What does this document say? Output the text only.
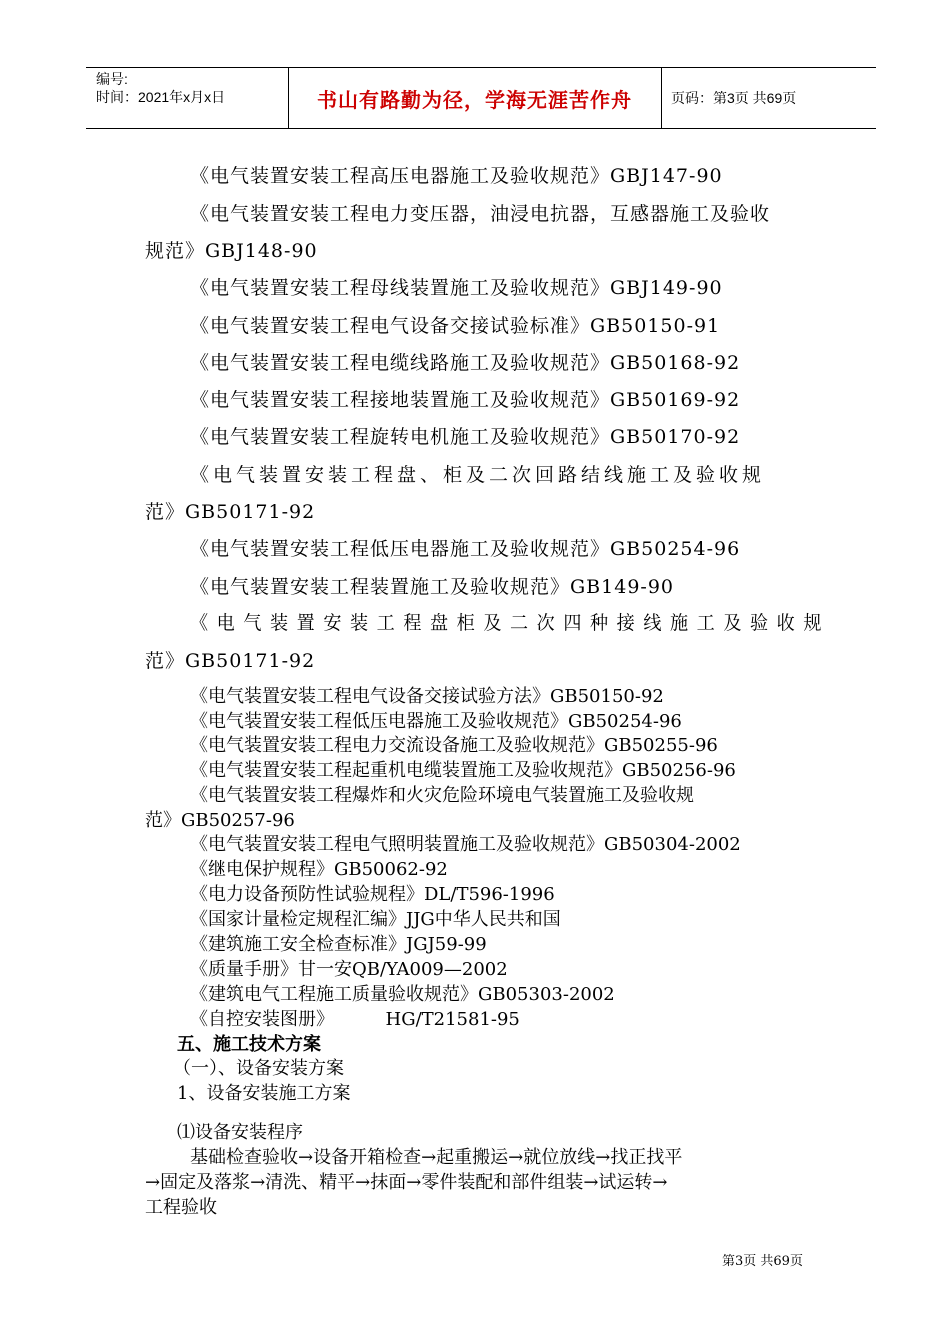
编号:
时间：2021年x月x日	书山有路勤为径，学海无涯苦作舟	页码：第3页 共69页
《电气装置安装工程高压电器施工及验收规范》GBJ147-90
《电气装置安装工程电力变压器，油浸电抗器，互感器施工及验收
规范》GBJ148-90
《电气装置安装工程母线装置施工及验收规范》GBJ149-90
《电气装置安装工程电气设备交接试验标准》GB50150-91
《电气装置安装工程电缆线路施工及验收规范》GB50168-92
《电气装置安装工程接地装置施工及验收规范》GB50169-92
《电气装置安装工程旋转电机施工及验收规范》GB50170-92
《电气装置安装工程盘、柜及二次回路结线施工及验收规
范》GB50171-92
《电气装置安装工程低压电器施工及验收规范》GB50254-96
《电气装置安装工程装置施工及验收规范》GB149-90
《电气装置安装工程盘柜及二次四种接线施工及验收规
范》GB50171-92
《电气装置安装工程电气设备交接试验方法》GB50150-92
《电气装置安装工程低压电器施工及验收规范》GB50254-96
《电气装置安装工程电力交流设备施工及验收规范》GB50255-96
《电气装置安装工程起重机电缆装置施工及验收规范》GB50256-96
《电气装置安装工程爆炸和火灾危险环境电气装置施工及验收规
范》GB50257-96
《电气装置安装工程电气照明装置施工及验收规范》GB50304-2002
《继电保护规程》GB50062-92
《电力设备预防性试验规程》DL/T596-1996
《国家计量检定规程汇编》JJG中华人民共和国
《建筑施工安全检查标准》JGJ59-99
《质量手册》甘一安QB/YA009—2002
《建筑电气工程施工质量验收规范》GB05303-2002
《自控安装图册》         HG/T21581-95
五、施工技术方案
（一）、设备安装方案
1、设备安装施工方案
⑴设备安装程序
基础检查验收→设备开箱检查→起重搬运→就位放线→找正找平
→固定及落浆→清洗、精平→抹面→零件装配和部件组装→试运转→
工程验收
第3页 共69页
